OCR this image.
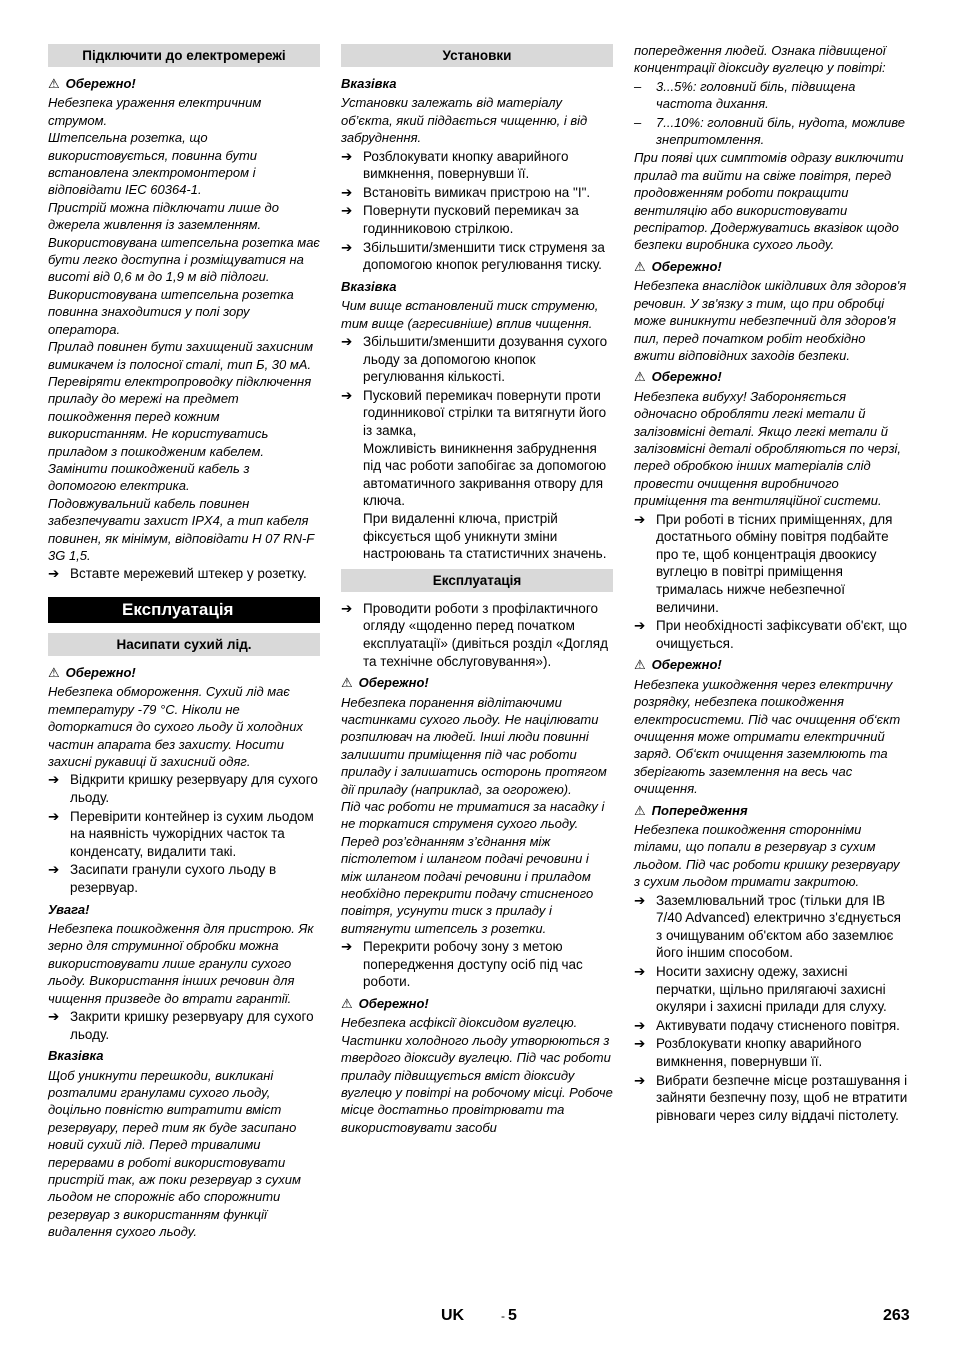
Підключити до електромережі
⚠ Обережно!

Небезпека ураження електричним струмом.

Штепсельна розетка, що використовується, повинна бути встановлена электромонтером і відповідати IEC 60364-1.

Пристрій можна підключати лише до джерела живлення із заземленням.

Використовувана штепсельна розетка має бути легко доступна і розміщуватися на висоті від 0,6 м до 1,9 м від підлоги.

Використовувана штепсельна розетка повинна знаходитися у полі зору оператора.

Прилад повинен бути захищений захисним вимикачем із полосної сталі, тип Б, 30 мА.

Перевіряти електропроводку підключення приладу до мережі на предмет пошкодження перед кожним використанням. Не користуватись приладом з пошкодженим кабелем. Замінити пошкоджений кабель з допомогою електрика.

Подовжувальний кабель повинен забезпечувати захист IPX4, а тип кабеля повинен, як мінімум, відповідати H 07 RN-F 3G 1,5.

➔ Вставте мережевий штекер у розетку.
Експлуатація
Насипати сухий лід.
⚠ Обережно!

Небезпека обмороження. Сухий лід має температуру -79 °C. Ніколи не доторкатися до сухого льоду й холодних частин апарата без захисту. Носити захисні рукавиці й захисний одяг.

➔ Відкрити кришку резервуару для сухого льоду.
➔ Перевірити контейнер із сухим льодом на наявність чужорідних часток та конденсату, видалити такі.
➔ Засипати гранули сухого льоду в резервуар.
Увага!

Небезпека пошкодження для пристрою. Як зерно для струминної обробки можна використовувати лише гранули сухого льоду. Використання інших речовин для чищення призведе до втрати гарантії.

➔ Закрити кришку резервуару для сухого льоду.
Вказівка

Щоб уникнути перешкоди, викликані розталими гранулами сухого льоду, доцільно повністю витратити вміст резервуару, перед тим як буде засипано новий сухий лід. Перед тривалими перервами в роботі використовувати пристрій так, аж поки резервуар з сухим льодом не спорожніє або спорожнити резервуар з використанням функції видалення сухого льоду.

Установки
Вказівка

Установки залежать від матеріалу об’єкта, який піддається чищенню, і від забруднення.

➔ Розблокувати кнопку аварийного вимкнення, повернувши її.
➔ Встановіть вимикач пристрою на "I".
➔ Повернути пусковий перемикач за годинниковою стрілкою.
➔ Збільшити/зменшити тиск струменя за допомогою кнопок регулювання тиску.
Вказівка

Чим вище встановлений тиск струменю, тим вище (агресивніше) вплив чищення.

➔ Збільшити/зменшити дозування сухого льоду за допомогою кнопок регулювання кількості.
➔ Пусковий перемикач повернути проти годинникової стрілки та витягнути його із замка,

Можливість виникнення забруднення під час роботи запобігає за допомогою автоматичного закривання отвору для ключа.

При видаленні ключа, пристрій фіксується щоб уникнути зміни настроювань та статистичних значень.

Експлуатація
➔ Проводити роботи з профілактичного огляду «щоденно перед початком експлуатації» (дивіться розділ «Догляд та технічне обслуговування»).
⚠ Обережно!

Небезпека поранення відлітаючими частинками сухого льоду. Не націлювати розпилювач на людей. Інші люди повинні залишити приміщення під час роботи приладу і залишатись осторонь протягом дії приладу (наприклад, за огорожею).

Під час роботи не триматися за насадку і не торкатися струменя сухого льоду.

Перед роз’єднанням з’єднання між пістолетом і шлангом подачі речовини і між шлангом подачі речовини і приладом необхідно перекрити подачу стисненого повітря, усунути тиск з приладу і витягнути штепсель з розетки.

➔ Перекрити робочу зону з метою попередження доступу осіб під час роботи.
⚠ Обережно!

Небезпека асфіксії діоксидом вуглецю. Частинки холодного льоду утворюються з твердого діоксиду вуглецю. Під час роботи приладу підвищується вміст діоксиду вуглецю у повітрі на робочому місці. Робоче місце достатньо провітрювати та використовувати засоби

попередження людей. Ознака підвищеної концентрації діоксиду вуглецю у повітрі:

– 3...5%: головний біль, підвищена частота дихання.
– 7...10%: головний біль, нудота, можливе знепритомлення.

При появі цих симптомів одразу виключити прилад та вийти на свіже повітря, перед продовженням роботи покращити вентиляцію або використовувати респіратор. Додержуватись вказівок щодо безпеки виробника сухого льоду.

⚠ Обережно!

Небезпека внаслідок шкідливих для здоров'я речовин. У зв'язку з тим, що при обробці може виникнути небезпечний для здоров'я пил, перед початком робіт необхідно вжити відповідних заходів безпеки.

⚠ Обережно!

Небезпека вибуху! Забороняється одночасно обробляти легкі метали й залізовмісні деталі. Якщо легкі метали й залізовмісні деталі обробляються по черзі, перед обробкою інших матеріалів слід провести очищення виробничого приміщення та вентиляційної системи.

➔ При роботі в тісних приміщеннях, для достатнього обміну повітря подбайте про те, щоб концентрація двоокису вуглецю в повітрі приміщення трималась нижче небезпечної величини.
➔ При необхідності зафіксувати об'єкт, що очищується.
⚠ Обережно!

Небезпека ушкодження через електричну розрядку, небезпека пошкодження електросистеми. Під час очищення об‘єкт очищення може отримати електричний заряд. Об‘єкт очищення заземлюють та зберігають заземлення на весь час очищення.

⚠ Попередження

Небезпека пошкодження сторонніми тілами, що попали в резервуар з сухим льодом. Під час роботи кришку резервуару з сухим льодом тримати закритою.

➔ Заземлювальний трос (тільки для IB 7/40 Advanced) електрично з'єднується з очищуваним об'єктом або заземлює його іншим способом.
➔ Носити захисну одежу, захисні перчатки, щільно прилягаючі захисні окуляри і захисні прилади для слуху.
➔ Активувати подачу стисненого повітря.
➔ Розблокувати кнопку аварийного вимкнення, повернувши її.
➔ Вибрати безпечне місце розташування і зайняти безпечну позу, щоб не втратити рівноваги через силу віддачі пістолету.
UK	- 5	263
